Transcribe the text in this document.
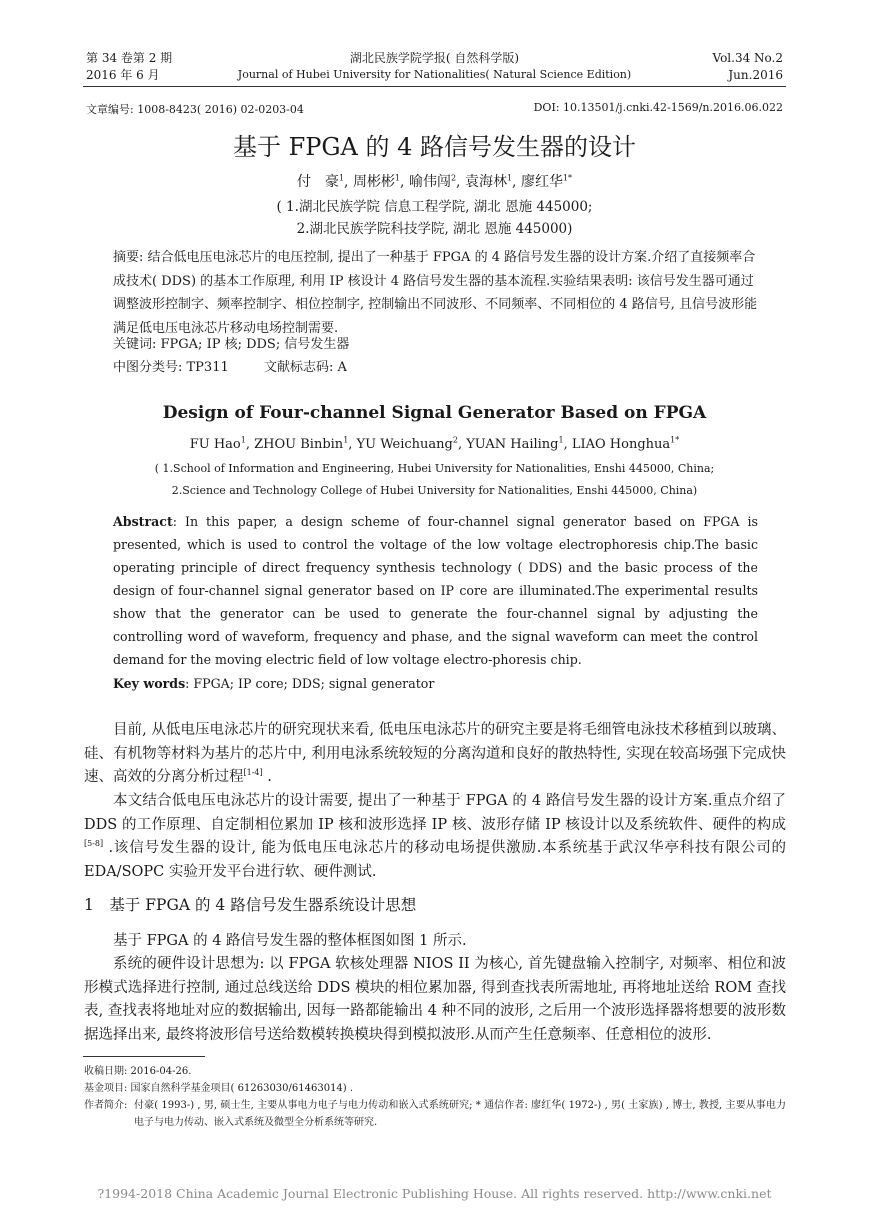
第 34 卷第 2 期
2016 年 6 月
湖北民族学院学报( 自然科学版)
Journal of Hubei University for Nationalities( Natural Science Edition)
Vol.34 No.2
Jun.2016
文章编号: 1008-8423( 2016) 02-0203-04	DOI: 10.13501/j.cnki.42-1569/n.2016.06.022
基于 FPGA 的 4 路信号发生器的设计
付　豪$^1$, 周彬彬$^1$, 喻伟闯$^2$, 袁海林$^1$, 廖红华$^{1*}$
( 1.湖北民族学院 信息工程学院, 湖北 恩施 445000;
2.湖北民族学院科技学院, 湖北 恩施 445000)
摘要: 结合低电压电泳芯片的电压控制, 提出了一种基于 FPGA 的 4 路信号发生器的设计方案.介绍了直接频率合成技术( DDS) 的基本工作原理, 利用 IP 核设计 4 路信号发生器的基本流程.实验结果表明: 该信号发生器可通过调整波形控制字、频率控制字、相位控制字, 控制输出不同波形、不同频率、不同相位的 4 路信号, 且信号波形能满足低电压电泳芯片移动电场控制需要.
关键词: FPGA; IP 核; DDS; 信号发生器
中图分类号: TP311	文献标志码: A
Design of Four-channel Signal Generator Based on FPGA
FU Hao$^1$, ZHOU Binbin$^1$, YU Weichuang$^2$, YUAN Hailing$^1$, LIAO Honghua$^{1*}$
( 1.School of Information and Engineering, Hubei University for Nationalities, Enshi 445000, China;
2.Science and Technology College of Hubei University for Nationalities, Enshi 445000, China)
Abstract: In this paper, a design scheme of four-channel signal generator based on FPGA is presented, which is used to control the voltage of the low voltage electrophoresis chip.The basic operating principle of direct frequency synthesis technology ( DDS) and the basic process of the design of four-channel signal generator based on IP core are illuminated.The experimental results show that the generator can be used to generate the four-channel signal by adjusting the controlling word of waveform, frequency and phase, and the signal waveform can meet the control demand for the moving electric field of low voltage electro-phoresis chip.
Key words: FPGA; IP core; DDS; signal generator
目前, 从低电压电泳芯片的研究现状来看, 低电压电泳芯片的研究主要是将毛细管电泳技术移植到以玻璃、硅、有机物等材料为基片的芯片中, 利用电泳系统较短的分离沟道和良好的散热特性, 实现在较高场强下完成快速、高效的分离分析过程[1-4] .
本文结合低电压电泳芯片的设计需要, 提出了一种基于 FPGA 的 4 路信号发生器的设计方案.重点介绍了 DDS 的工作原理、自定制相位累加 IP 核和波形选择 IP 核、波形存储 IP 核设计以及系统软件、硬件的构成[5-8] .该信号发生器的设计, 能为低电压电泳芯片的移动电场提供激励.本系统基于武汉华亭科技有限公司的 EDA/SOPC 实验开发平台进行软、硬件测试.
1　基于 FPGA 的 4 路信号发生器系统设计思想
基于 FPGA 的 4 路信号发生器的整体框图如图 1 所示.
系统的硬件设计思想为: 以 FPGA 软核处理器 NIOS II 为核心, 首先键盘输入控制字, 对频率、相位和波形模式选择进行控制, 通过总线送给 DDS 模块的相位累加器, 得到查找表所需地址, 再将地址送给 ROM 查找表, 查找表将地址对应的数据输出, 因每一路都能输出 4 种不同的波形, 之后用一个波形选择器将想要的波形数据选择出来, 最终将波形信号送给数模转换模块得到模拟波形.从而产生任意频率、任意相位的波形.
收稿日期: 2016-04-26.
基金项目: 国家自然科学基金项目( 61263030/61463014) .
作者简介: 付豪( 1993-) , 男, 硕士生, 主要从事电力电子与电力传动和嵌入式系统研究; * 通信作者: 廖红华( 1972-) , 男( 土家族) , 博士, 教授, 主要从事电力电子与电力传动、嵌入式系统及微型全分析系统等研究.
?1994-2018 China Academic Journal Electronic Publishing House. All rights reserved. http://www.cnki.net
